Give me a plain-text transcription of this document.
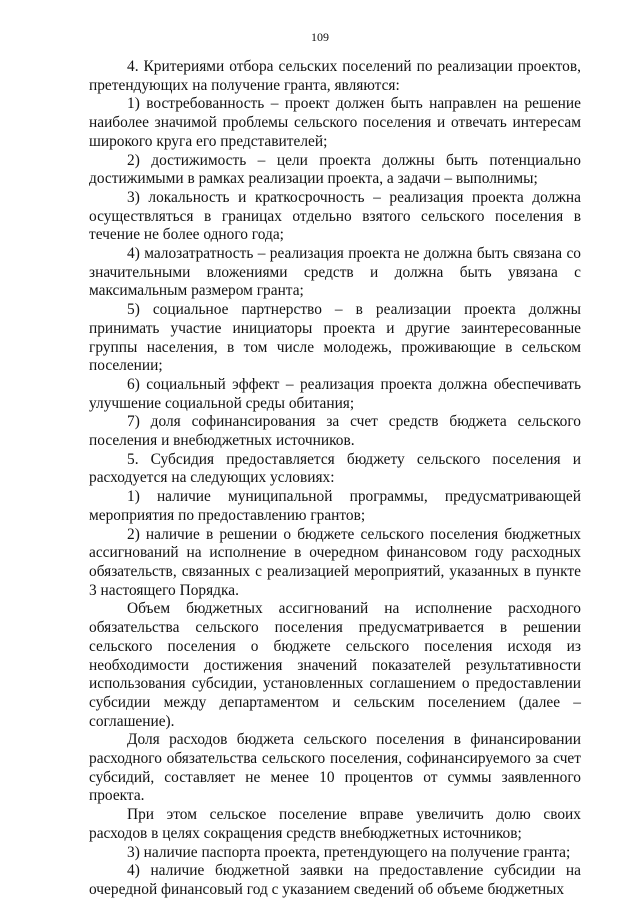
109

4. Критериями отбора сельских поселений по реализации проектов, претендующих на получение гранта, являются:

1) востребованность – проект должен быть направлен на решение наиболее значимой проблемы сельского поселения и отвечать интересам широкого круга его представителей;

2) достижимость – цели проекта должны быть потенциально достижимыми в рамках реализации проекта, а задачи – выполнимы;

3) локальность и краткосрочность – реализация проекта должна осуществляться в границах отдельно взятого сельского поселения в течение не более одного года;

4) малозатратность – реализация проекта не должна быть связана со значительными вложениями средств и должна быть увязана с максимальным размером гранта;

5) социальное партнерство – в реализации проекта должны принимать участие инициаторы проекта и другие заинтересованные группы населения, в том числе молодежь, проживающие в сельском поселении;

6) социальный эффект – реализация проекта должна обеспечивать улучшение социальной среды обитания;

7) доля софинансирования за счет средств бюджета сельского поселения и внебюджетных источников.

5. Субсидия предоставляется бюджету сельского поселения и расходуется на следующих условиях:

1) наличие муниципальной программы, предусматривающей мероприятия по предоставлению грантов;

2) наличие в решении о бюджете сельского поселения бюджетных ассигнований на исполнение в очередном финансовом году расходных обязательств, связанных с реализацией мероприятий, указанных в пункте 3 настоящего Порядка.

Объем бюджетных ассигнований на исполнение расходного обязательства сельского поселения предусматривается в решении сельского поселения о бюджете сельского поселения исходя из необходимости достижения значений показателей результативности использования субсидии, установленных соглашением о предоставлении субсидии между департаментом и сельским поселением (далее – соглашение).

Доля расходов бюджета сельского поселения в финансировании расходного обязательства сельского поселения, софинансируемого за счет субсидий, составляет не менее 10 процентов от суммы заявленного проекта.

При этом сельское поселение вправе увеличить долю своих расходов в целях сокращения средств внебюджетных источников;

3) наличие паспорта проекта, претендующего на получение гранта;

4) наличие бюджетной заявки на предоставление субсидии на очередной финансовый год с указанием сведений об объеме бюджетных
